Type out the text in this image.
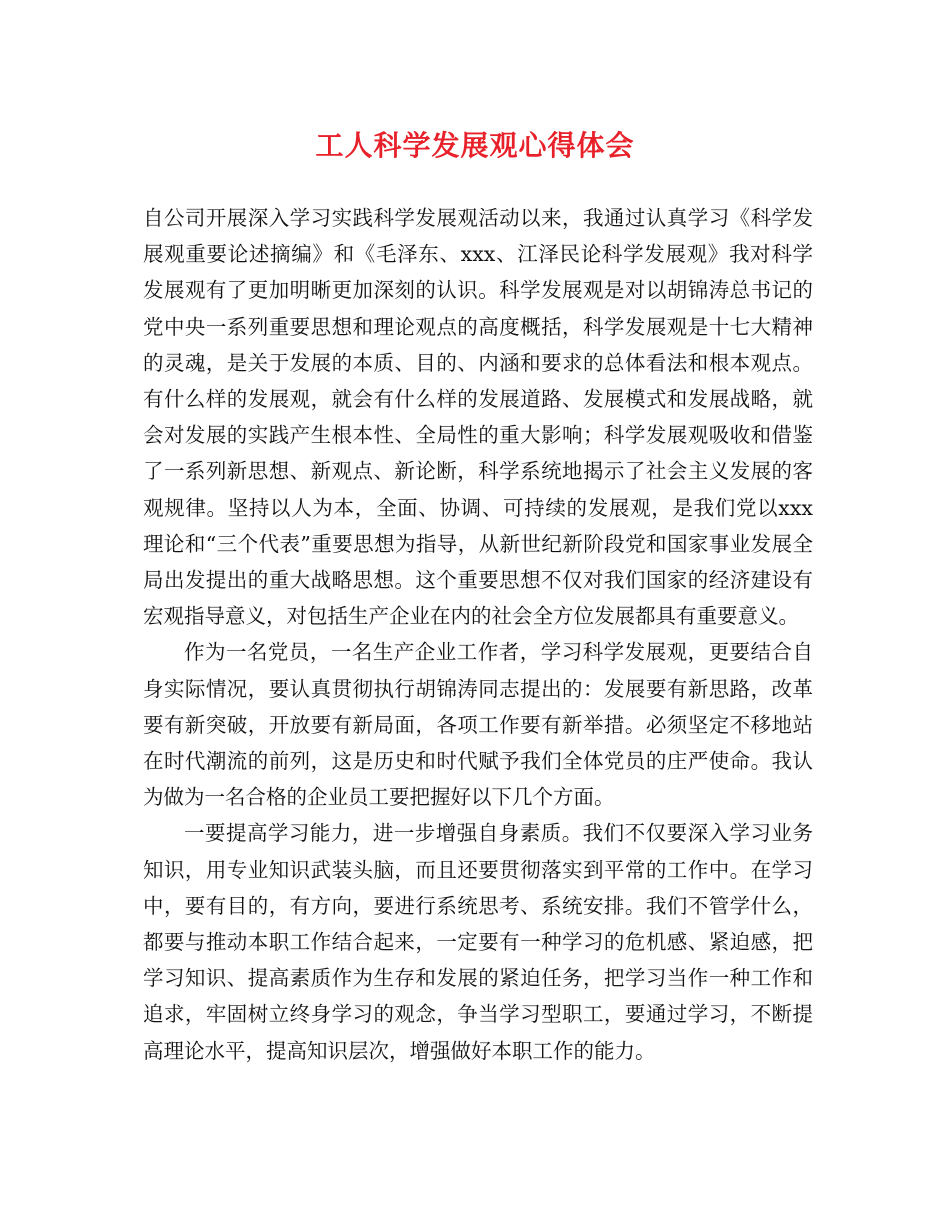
工人科学发展观心得体会

自公司开展深入学习实践科学发展观活动以来，我通过认真学习《科学发展观重要论述摘编》和《毛泽东、xxx、江泽民论科学发展观》我对科学发展观有了更加明晰更加深刻的认识。科学发展观是对以胡锦涛总书记的党中央一系列重要思想和理论观点的高度概括，科学发展观是十七大精神的灵魂，是关于发展的本质、目的、内涵和要求的总体看法和根本观点。有什么样的发展观，就会有什么样的发展道路、发展模式和发展战略，就会对发展的实践产生根本性、全局性的重大影响；科学发展观吸收和借鉴了一系列新思想、新观点、新论断，科学系统地揭示了社会主义发展的客观规律。坚持以人为本，全面、协调、可持续的发展观，是我们党以xxx理论和“三个代表”重要思想为指导，从新世纪新阶段党和国家事业发展全局出发提出的重大战略思想。这个重要思想不仅对我们国家的经济建设有宏观指导意义，对包括生产企业在内的社会全方位发展都具有重要意义。

作为一名党员，一名生产企业工作者，学习科学发展观，更要结合自身实际情况，要认真贯彻执行胡锦涛同志提出的：发展要有新思路，改革要有新突破，开放要有新局面，各项工作要有新举措。必须坚定不移地站在时代潮流的前列，这是历史和时代赋予我们全体党员的庄严使命。我认为做为一名合格的企业员工要把握好以下几个方面。

一要提高学习能力，进一步增强自身素质。我们不仅要深入学习业务知识，用专业知识武装头脑，而且还要贯彻落实到平常的工作中。在学习中，要有目的，有方向，要进行系统思考、系统安排。我们不管学什么，都要与推动本职工作结合起来，一定要有一种学习的危机感、紧迫感，把学习知识、提高素质作为生存和发展的紧迫任务，把学习当作一种工作和追求，牢固树立终身学习的观念，争当学习型职工，要通过学习，不断提高理论水平，提高知识层次，增强做好本职工作的能力。
